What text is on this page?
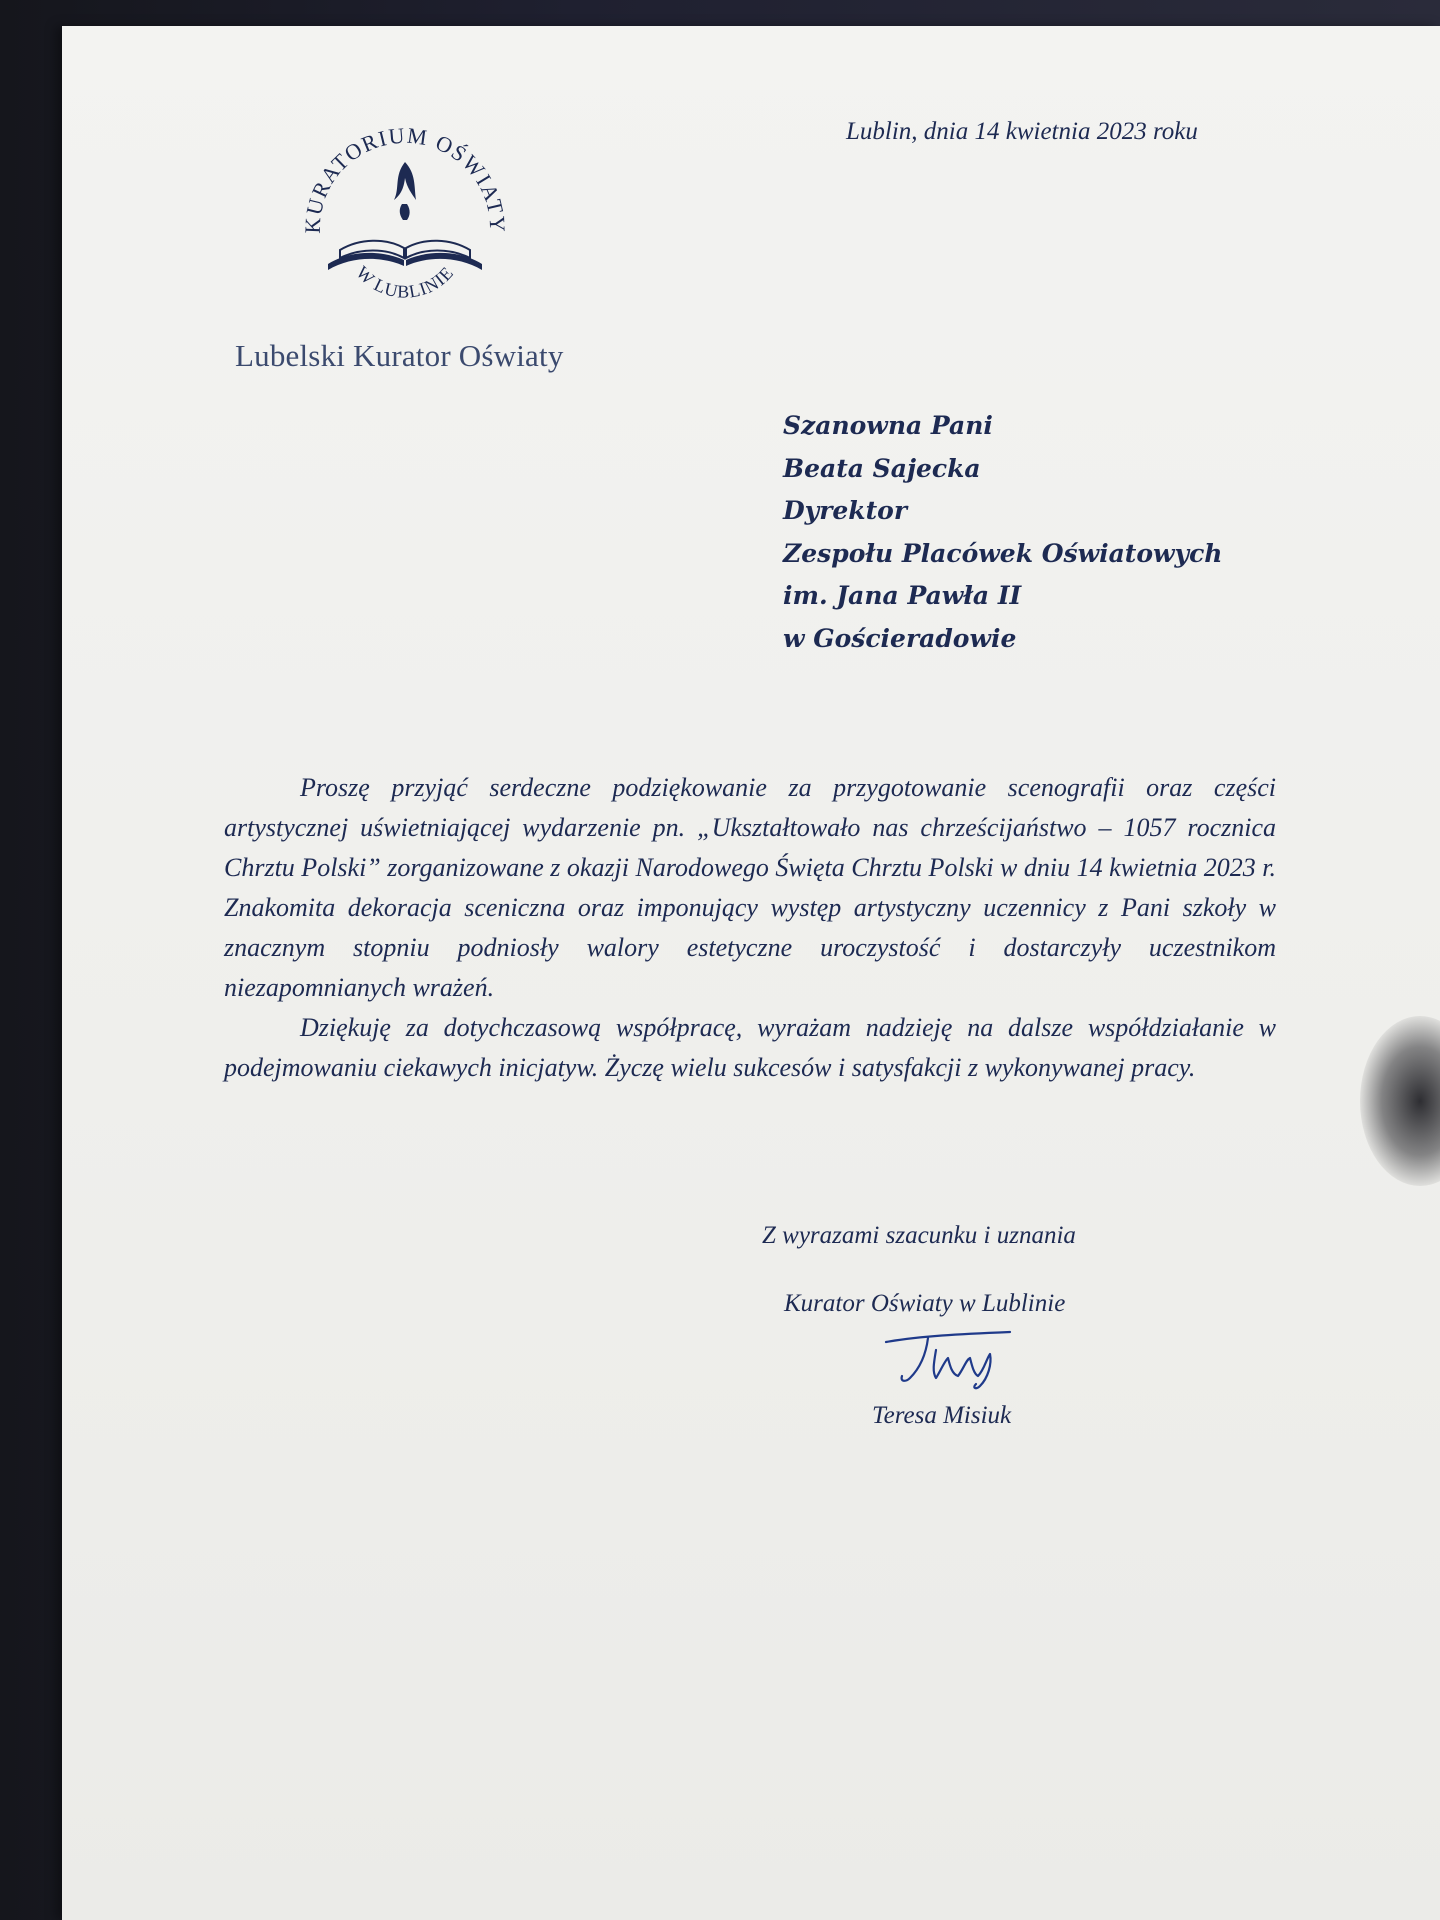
KURATORIUM OŚWIATY
W LUBLINIE
Lubelski Kurator Oświaty
Lublin, dnia 14 kwietnia 2023 roku
Szanowna Pani
Beata Sajecka
Dyrektor
Zespołu Placówek Oświatowych
im. Jana Pawła II
w Gościeradowie

Proszę przyjąć serdeczne podziękowanie za przygotowanie scenografii oraz części artystycznej uświetniającej wydarzenie pn. „Ukształtowało nas chrześcijaństwo – 1057 rocznica Chrztu Polski” zorganizowane z okazji Narodowego Święta Chrztu Polski w dniu 14 kwietnia 2023 r. Znakomita dekoracja sceniczna oraz imponujący występ artystyczny uczennicy z Pani szkoły w znacznym stopniu podniosły walory estetyczne uroczystość i dostarczyły uczestnikom niezapomnianych wrażeń.

Dziękuję za dotychczasową współpracę, wyrażam nadzieję na dalsze współdziałanie w podejmowaniu ciekawych inicjatyw. Życzę wielu sukcesów i satysfakcji z wykonywanej pracy.

Z wyrazami szacunku i uznania
Kurator Oświaty w Lublinie
Teresa Misiuk
